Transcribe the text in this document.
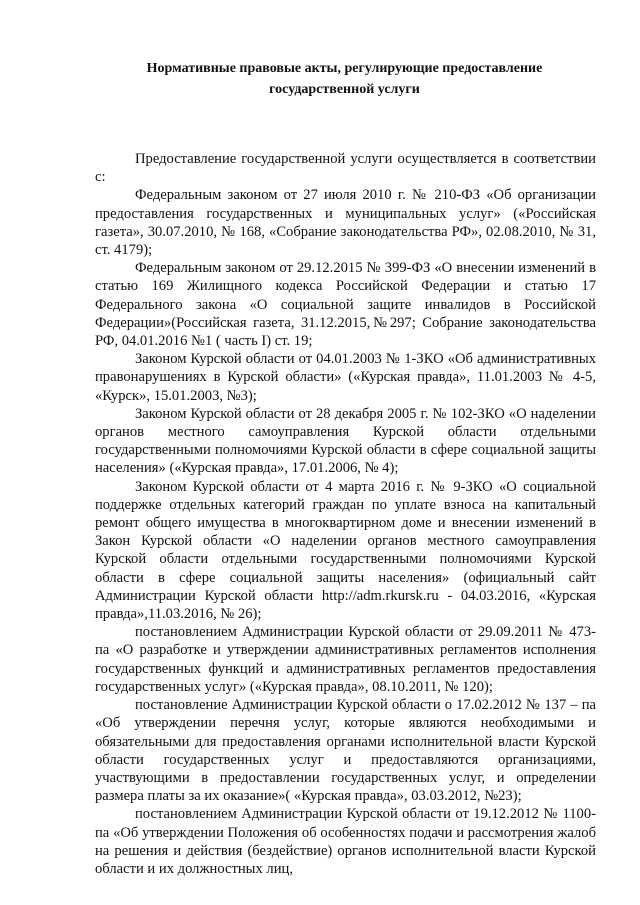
Нормативные правовые акты, регулирующие предоставление государственной услуги

Предоставление государственной услуги осуществляется в соответствии с:

Федеральным законом от 27 июля 2010 г. № 210-ФЗ «Об организации предоставления государственных и муниципальных услуг» («Российская газета», 30.07.2010, № 168, «Собрание законодательства РФ», 02.08.2010, № 31, ст. 4179);

Федеральным законом от 29.12.2015 № 399-ФЗ «О внесении изменений в статью 169 Жилищного кодекса Российской Федерации и статью 17 Федерального закона «О социальной защите инвалидов в Российской Федерации»(Российская газета, 31.12.2015,№297; Собрание законодательства РФ, 04.01.2016 №1 ( часть I) ст. 19;

Законом Курской области от 04.01.2003 № 1-ЗКО «Об административных правонарушениях в Курской области» («Курская правда», 11.01.2003 № 4-5, «Курск», 15.01.2003, №3);

Законом Курской области от 28 декабря 2005 г. № 102-ЗКО «О наделении органов местного самоуправления Курской области отдельными государственными полномочиями Курской области в сфере социальной защиты населения» («Курская правда», 17.01.2006, № 4);

Законом Курской области от 4 марта 2016 г. № 9-ЗКО «О социальной поддержке отдельных категорий граждан по уплате взноса на капитальный ремонт общего имущества в многоквартирном доме и внесении изменений в Закон Курской области «О наделении органов местного самоуправления Курской области отдельными государственными полномочиями Курской области в сфере социальной защиты населения» (официальный сайт Администрации Курской области http://adm.rkursk.ru - 04.03.2016, «Курская правда»,11.03.2016, № 26);

постановлением Администрации Курской области от 29.09.2011 № 473-па «О разработке и утверждении административных регламентов исполнения государственных функций и административных регламентов предоставления государственных услуг» («Курская правда», 08.10.2011, № 120);

постановление Администрации Курской области о 17.02.2012 № 137 – па «Об утверждении перечня услуг, которые являются необходимыми и обязательными для предоставления органами исполнительной власти Курской области государственных услуг и предоставляются организациями, участвующими в предоставлении государственных услуг, и определении размера платы за их оказание»( «Курская правда», 03.03.2012, №23);

постановлением Администрации Курской области от 19.12.2012 № 1100-па «Об утверждении Положения об особенностях подачи и рассмотрения жалоб на решения и действия (бездействие) органов исполнительной власти Курской области и их должностных лиц,
